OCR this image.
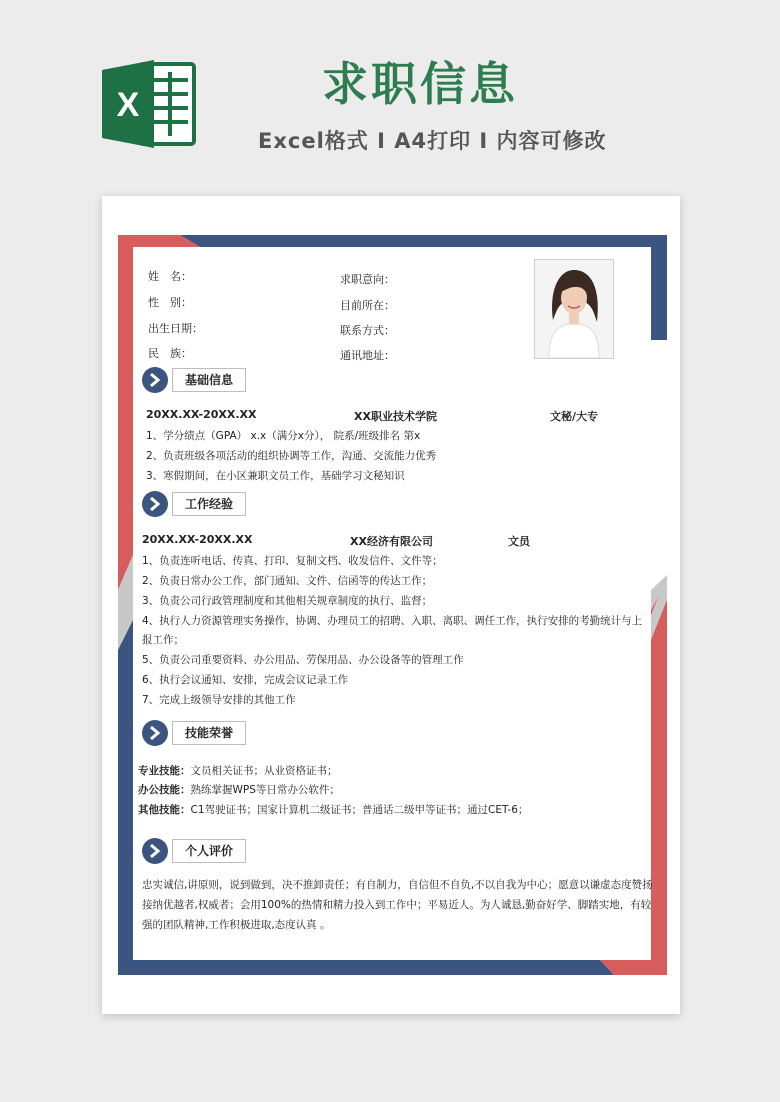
X	求职信息
Excel格式 I A4打印 I 内容可修改
姓　名：
性　别：
出生日期：
民　族：
求职意向：
目前所在：
联系方式：
通讯地址：
基础信息
20XX.XX-20XX.XX	XX职业技术学院	文秘/大专
1、学分绩点（GPA） x.x（满分x分）， 院系/班级排名 第x
2、负责班级各项活动的组织协调等工作，沟通、交流能力优秀
3、寒假期间，在小区兼职文员工作，基础学习文秘知识
工作经验
20XX.XX-20XX.XX	XX经济有限公司	文员
1、负责连听电话、传真、打印、复制文档、收发信件、文件等；
2、负责日常办公工作，部门通知、文件、信函等的传达工作；
3、负责公司行政管理制度和其他相关规章制度的执行、监督；
4、执行人力资源管理实务操作，协调、办理员工的招聘、入职、离职、调任工作，执行安排的考勤统计与上
报工作；
5、负责公司重要资料、办公用品、劳保用品、办公设备等的管理工作
6、执行会议通知、安排，完成会议记录工作
7、完成上级领导安排的其他工作
技能荣誉
专业技能：文员相关证书；从业资格证书；
办公技能：熟练掌握WPS等日常办公软件；
其他技能：C1驾驶证书；国家计算机二级证书；普通话二级甲等证书；通过CET-6；
个人评价
忠实诚信,讲原则，说到做到，决不推卸责任；有自制力，自信但不自负,不以自我为中心；愿意以谦虚态度赞扬
接纳优越者,权威者；会用100%的热情和精力投入到工作中；平易近人。为人诚恳,勤奋好学、脚踏实地，有较
强的团队精神,工作积极进取,态度认真 。
